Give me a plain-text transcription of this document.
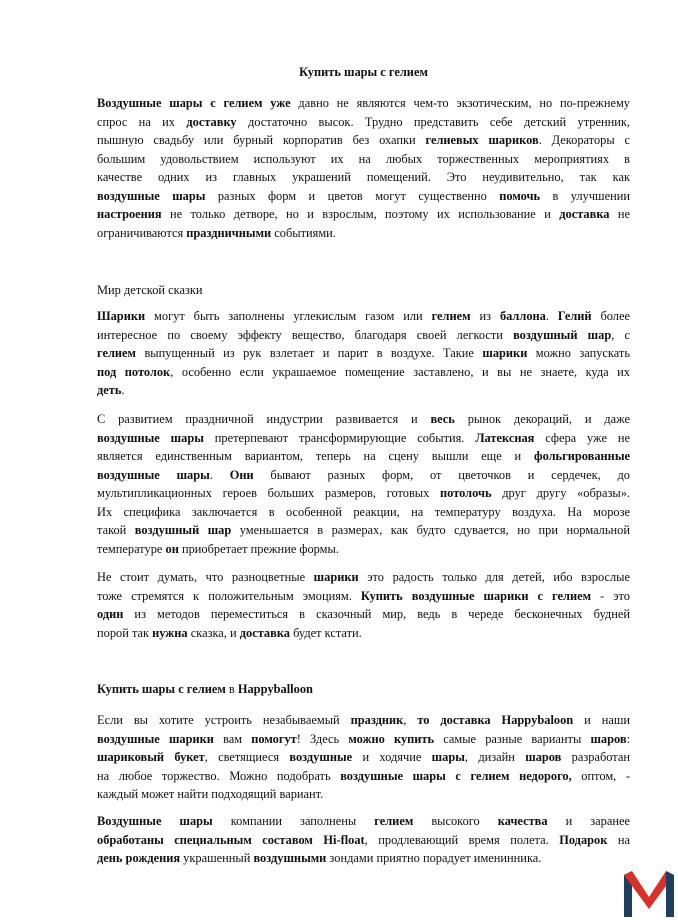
Купить шары с гелием

Воздушные шары с гелием уже давно не являются чем-то экзотическим, но по-прежнему
спрос на их доставку достаточно высок. Трудно представить себе детский утренник,
пышную свадьбу или бурный корпоратив без охапки гелиевых шариков. Декораторы с
большим удовольствием используют их на любых торжественных мероприятиях в
качестве одних из главных украшений помещений. Это неудивительно, так как
воздушные шары разных форм и цветов могут существенно помочь в улучшении
настроения не только детворе, но и взрослым, поэтому их использование и доставка не
ограничиваются праздничными событиями.

Мир детской сказки

Шарики могут быть заполнены углекислым газом или гелием из баллона. Гелий более
интересное по своему эффекту вещество, благодаря своей легкости воздушный шар, с
гелием выпущенный из рук взлетает и парит в воздухе. Такие шарики можно запускать
под потолок, особенно если украшаемое помещение заставлено, и вы не знаете, куда их
деть.

С развитием праздничной индустрии развивается и весь рынок декораций, и даже
воздушные шары претерпевают трансформирующие события. Латексная сфера уже не
является единственным вариантом, теперь на сцену вышли еще и фольгированные
воздушные шары. Они бывают разных форм, от цветочков и сердечек, до
мультипликационных героев больших размеров, готовых потолочь друг другу «образы».
Их специфика заключается в особенной реакции, на температуру воздуха. На морозе
такой воздушный шар уменьшается в размерах, как будто сдувается, но при нормальной
температуре он приобретает прежние формы.

Не стоит думать, что разноцветные шарики это радость только для детей, ибо взрослые
тоже стремятся к положительным эмоциям. Купить воздушные шарики с гелием - это
один из методов переместиться в сказочный мир, ведь в череде бесконечных будней
порой так нужна сказка, и доставка будет кстати.

Купить шары с гелием в Happyballoon

Если вы хотите устроить незабываемый праздник, то доставка Happybaloon и наши
воздушные шарики вам помогут! Здесь можно купить самые разные варианты шаров:
шариковый букет, светящиеся воздушные и ходячие шары, дизайн шаров разработан
на любое торжество. Можно подобрать воздушные шары с гелием недорого, оптом, -
каждый может найти подходящий вариант.

Воздушные шары компании заполнены гелием высокого качества и заранее
обработаны специальным составом Hi-float, продлевающий время полета. Подарок на
день рождения украшенный воздушными зондами приятно порадует именинника.
